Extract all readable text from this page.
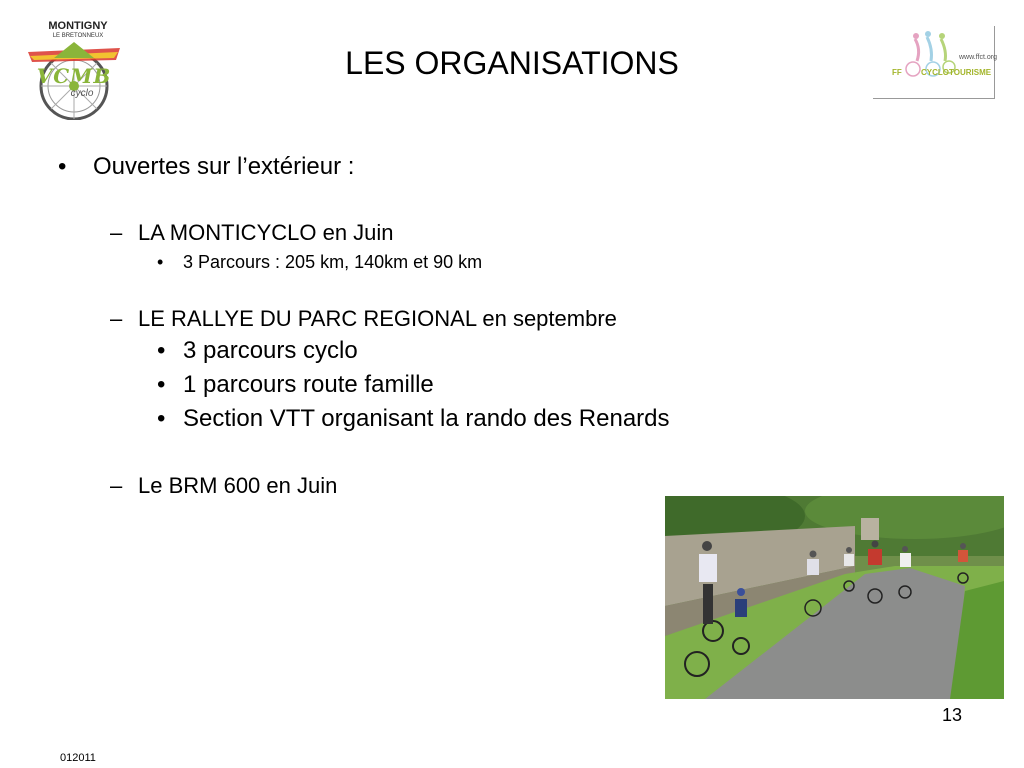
MONTIGNY
LE BRETONNEUX
VCMB
cyclo
LES ORGANISATIONS	www.ffct.org
FF CYCLOTOURISME
• Ouvertes sur l’extérieur :
– LA MONTICYCLO en Juin
• 3 Parcours : 205 km, 140km et 90 km
– LE RALLYE DU PARC REGIONAL en septembre
• 3 parcours cyclo
• 1 parcours route famille
• Section VTT organisant la rando des Renards
– Le BRM 600 en Juin
13
012011
